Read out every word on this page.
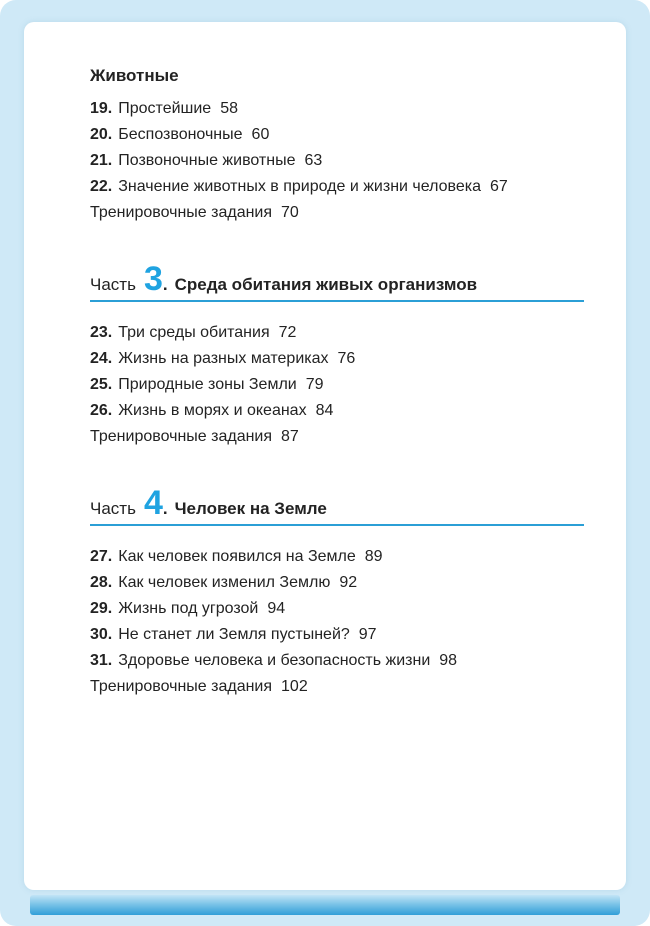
Животные
19. Простейшие 58
20. Беспозвоночные 60
21. Позвоночные животные 63
22. Значение животных в природе и жизни человека 67
Тренировочные задания 70
Часть 3 . Среда обитания живых организмов
23. Три среды обитания 72
24. Жизнь на разных материках 76
25. Природные зоны Земли 79
26. Жизнь в морях и океанах 84
Тренировочные задания 87
Часть 4 . Человек на Земле
27. Как человек появился на Земле 89
28. Как человек изменил Землю 92
29. Жизнь под угрозой 94
30. Не станет ли Земля пустыней? 97
31. Здоровье человека и безопасность жизни 98
Тренировочные задания 102
